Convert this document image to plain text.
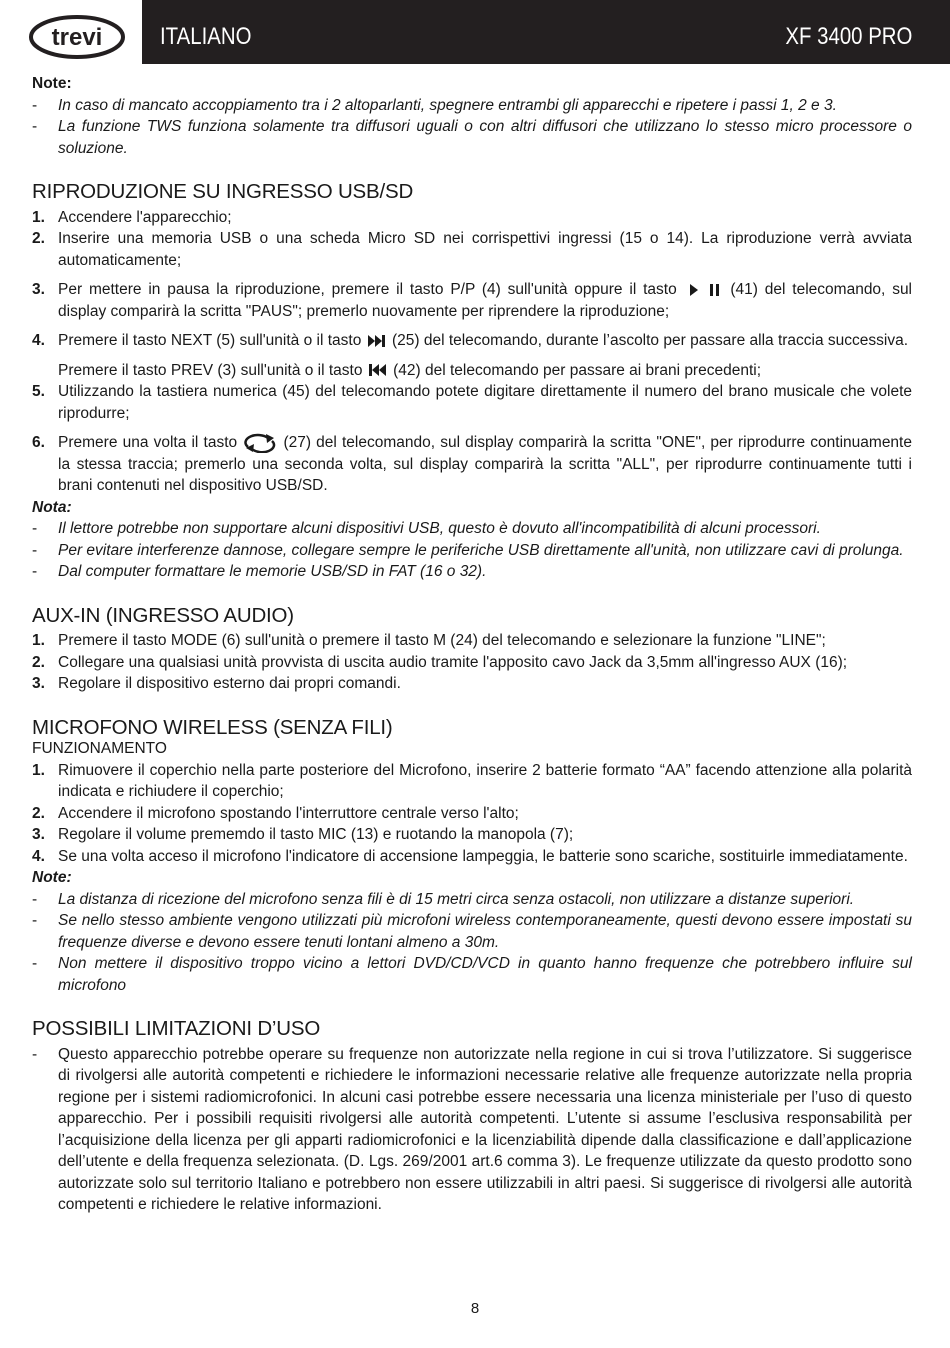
trevi ITALIANO	XF 3400 PRO
Note:
-	In caso di mancato accoppiamento tra i 2 altoparlanti, spegnere entrambi gli apparecchi e ripetere i passi 1, 2 e 3.
-	La funzione TWS funziona solamente tra diffusori uguali o con altri diffusori che utilizzano lo stesso micro processore o soluzione.
RIPRODUZIONE SU INGRESSO USB/SD
1. Accendere l'apparecchio;
2. Inserire una memoria USB o una scheda Micro SD nei corrispettivi ingressi (15 o 14). La riproduzione verrà avviata automaticamente;
3. Per mettere in pausa la riproduzione, premere il tasto P/P (4) sull'unità oppure il tasto	(41) del telecomando, sul display comparirà la scritta "PAUS"; premerlo nuovamente per riprendere la riproduzione;
4. Premere il tasto NEXT (5) sull'unità o il tasto (25) del telecomando, durante l’ascolto per passare alla traccia successiva.
Premere il tasto PREV (3) sull'unità o il tasto (42) del telecomando per passare ai brani precedenti;
5. Utilizzando la tastiera numerica (45) del telecomando potete digitare direttamente il numero del brano musicale che volete riprodurre;
6. Premere una volta il tasto	(27) del telecomando, sul display comparirà la scritta "ONE", per riprodurre continuamente la stessa traccia; premerlo una seconda volta, sul display comparirà la scritta "ALL", per riprodurre continuamente tutti i brani contenuti nel dispositivo USB/SD.
Nota:
-	Il lettore potrebbe non supportare alcuni dispositivi USB, questo è dovuto all'incompatibilità di alcuni processori.
-	Per evitare interferenze dannose, collegare sempre le periferiche USB direttamente all'unità, non utilizzare cavi di prolunga.
-	Dal computer formattare le memorie USB/SD in FAT (16 o 32).
AUX-IN (INGRESSO AUDIO)
1. Premere il tasto MODE (6) sull'unità o premere il tasto M (24) del telecomando e selezionare la funzione "LINE";
2. Collegare una qualsiasi unità provvista di uscita audio tramite l'apposito cavo Jack da 3,5mm all'ingresso AUX (16);
3. Regolare il dispositivo esterno dai propri comandi.
MICROFONO WIRELESS (SENZA FILI)
FUNZIONAMENTO
1. Rimuovere il coperchio nella parte posteriore del Microfono, inserire 2 batterie formato “AA” facendo attenzione alla polarità indicata e richiudere il coperchio;
2. Accendere il microfono spostando l'interruttore centrale verso l'alto;
3. Regolare il volume prememdo il tasto MIC (13) e ruotando la manopola (7);
4. Se una volta acceso il microfono l'indicatore di accensione lampeggia, le batterie sono scariche, sostituirle immediatamente.
Note:
-	La distanza di ricezione del microfono senza fili è di 15 metri circa senza ostacoli, non utilizzare a distanze superiori.
-	Se nello stesso ambiente vengono utilizzati più microfoni wireless contemporaneamente, questi devono essere impostati su frequenze diverse e devono essere tenuti lontani almeno a 30m.
-	Non mettere il dispositivo troppo vicino a lettori DVD/CD/VCD in quanto hanno frequenze che potrebbero influire sul microfono
POSSIBILI LIMITAZIONI D’USO
-	Questo apparecchio potrebbe operare su frequenze non autorizzate nella regione in cui si trova l’utilizzatore. Si suggerisce di rivolgersi alle autorità competenti e richiedere le informazioni necessarie relative alle frequenze autorizzate nella propria regione per i sistemi radiomicrofonici. In alcuni casi potrebbe essere necessaria una licenza ministeriale per l’uso di questo apparecchio. Per i possibili requisiti rivolgersi alle autorità competenti. L’utente si assume l’esclusiva responsabilità per l’acquisizione della licenza per gli apparti radiomicrofonici e la licenziabilità dipende dalla classificazione e dall’applicazione dell’utente e della frequenza selezionata. (D. Lgs. 269/2001 art.6 comma 3). Le frequenze utilizzate da questo prodotto sono autorizzate solo sul territorio Italiano e potrebbero non essere utilizzabili in altri paesi. Si suggerisce di rivolgersi alle autorità competenti e richiedere le relative informazioni.
8
